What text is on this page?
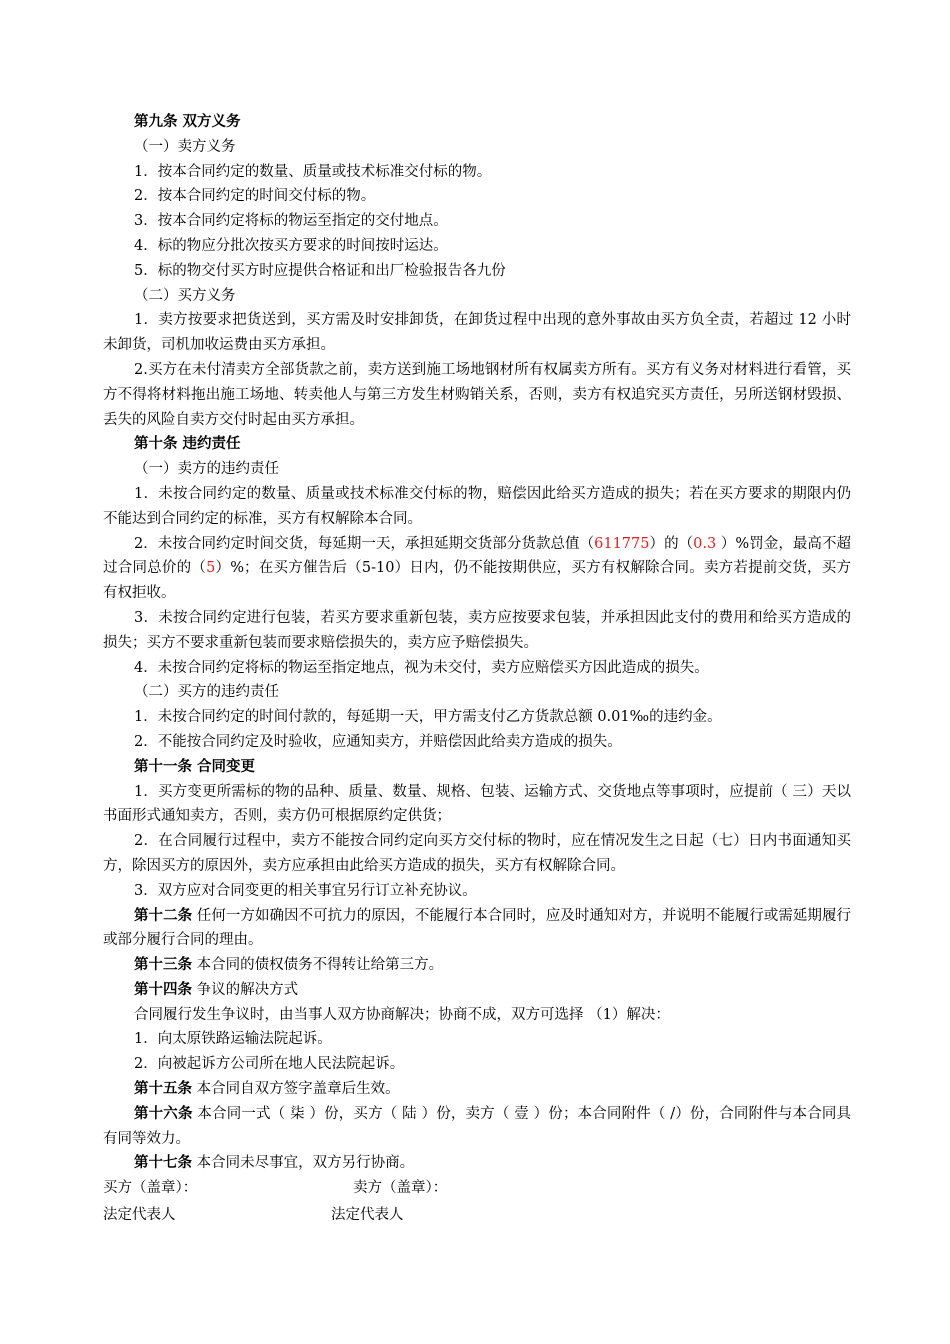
第九条 双方义务

（一）卖方义务

1．按本合同约定的数量、质量或技术标准交付标的物。

2．按本合同约定的时间交付标的物。

3．按本合同约定将标的物运至指定的交付地点。

4．标的物应分批次按买方要求的时间按时运达。

5．标的物交付买方时应提供合格证和出厂检验报告各九份

（二）买方义务

1．卖方按要求把货送到，买方需及时安排卸货，在卸货过程中出现的意外事故由买方负全责，若超过 12 小时未卸货，司机加收运费由买方承担。

2.买方在未付清卖方全部货款之前，卖方送到施工场地钢材所有权属卖方所有。买方有义务对材料进行看管，买方不得将材料拖出施工场地、转卖他人与第三方发生材购销关系，否则，卖方有权追究买方责任，另所送钢材毁损、丢失的风险自卖方交付时起由买方承担。

第十条 违约责任

（一）卖方的违约责任

1．未按合同约定的数量、质量或技术标准交付标的物，赔偿因此给买方造成的损失；若在买方要求的期限内仍不能达到合同约定的标准，买方有权解除本合同。

2．未按合同约定时间交货，每延期一天，承担延期交货部分货款总值（611775）的（0.3 ）%罚金，最高不超过合同总价的（5）%；在买方催告后（5-10）日内，仍不能按期供应，买方有权解除合同。卖方若提前交货，买方有权拒收。

3．未按合同约定进行包装，若买方要求重新包装，卖方应按要求包装，并承担因此支付的费用和给买方造成的损失；买方不要求重新包装而要求赔偿损失的，卖方应予赔偿损失。

4．未按合同约定将标的物运至指定地点，视为未交付，卖方应赔偿买方因此造成的损失。

（二）买方的违约责任

1．未按合同约定的时间付款的，每延期一天，甲方需支付乙方货款总额 0.01‰的违约金。

2．不能按合同约定及时验收，应通知卖方，并赔偿因此给卖方造成的损失。

第十一条 合同变更

1．买方变更所需标的物的品种、质量、数量、规格、包装、运输方式、交货地点等事项时，应提前（ 三）天以书面形式通知卖方，否则，卖方仍可根据原约定供货；

2．在合同履行过程中，卖方不能按合同约定向买方交付标的物时，应在情况发生之日起（七）日内书面通知买方，除因买方的原因外，卖方应承担由此给买方造成的损失，买方有权解除合同。

3．双方应对合同变更的相关事宜另行订立补充协议。

第十二条 任何一方如确因不可抗力的原因，不能履行本合同时，应及时通知对方，并说明不能履行或需延期履行或部分履行合同的理由。

第十三条 本合同的债权债务不得转让给第三方。

第十四条 争议的解决方式

合同履行发生争议时，由当事人双方协商解决；协商不成，双方可选择 （1）解决：

1．向太原铁路运输法院起诉。

2．向被起诉方公司所在地人民法院起诉。

第十五条 本合同自双方签字盖章后生效。

第十六条 本合同一式（ 柒 ）份，买方（ 陆 ）份，卖方（ 壹 ）份；本合同附件（ /）份，合同附件与本合同具有同等效力。

第十七条 本合同未尽事宜，双方另行协商。

买方（盖章）：	卖方（盖章）：
法定代表人	法定代表人
